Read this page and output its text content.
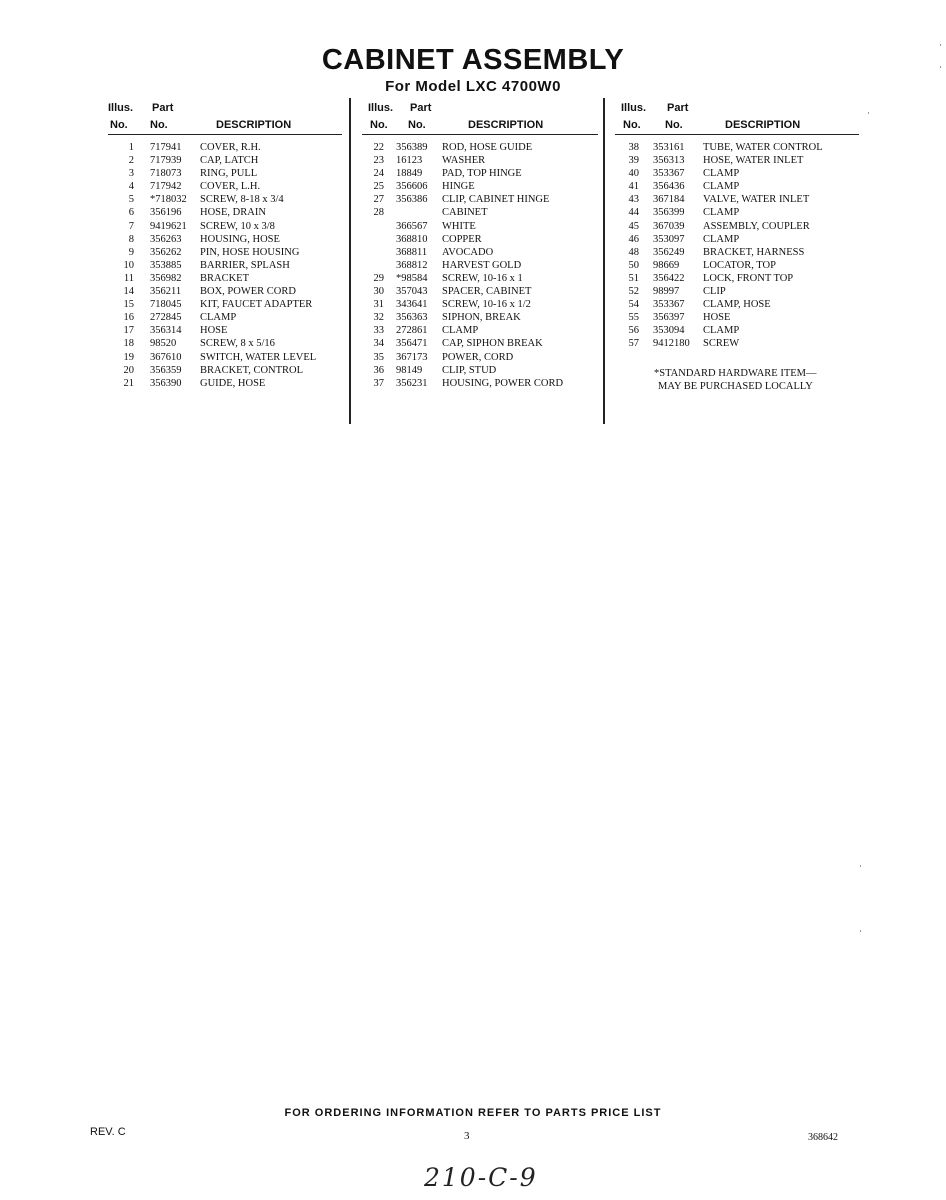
CABINET ASSEMBLY
For Model LXC 4700W0
Illus. Part
No. No.	DESCRIPTION
1 717941 COVER, R.H.
2 717939 CAP, LATCH
3 718073 RING, PULL
4 717942 COVER, L.H.
5 *718032 SCREW, 8-18 x 3/4
6 356196 HOSE, DRAIN
7 9419621 SCREW, 10 x 3/8
8 356263 HOUSING, HOSE
9 356262 PIN, HOSE HOUSING
10 353885 BARRIER, SPLASH
11 356982 BRACKET
14 356211 BOX, POWER CORD
15 718045 KIT, FAUCET ADAPTER
16 272845 CLAMP
17 356314 HOSE
18 98520 SCREW, 8 x 5/16
19 367610 SWITCH, WATER LEVEL
20 356359 BRACKET, CONTROL
21 356390 GUIDE, HOSE
Illus. Part
No. No.	DESCRIPTION
22 356389 ROD, HOSE GUIDE
23 16123 WASHER
24 18849 PAD, TOP HINGE
25 356606 HINGE
27 356386 CLIP, CABINET HINGE
28	CABINET
366567 WHITE
368810 COPPER
368811 AVOCADO
368812 HARVEST GOLD
29 *98584 SCREW, 10-16 x 1
30 357043 SPACER, CABINET
31 343641 SCREW, 10-16 x 1/2
32 356363 SIPHON, BREAK
33 272861 CLAMP
34 356471 CAP, SIPHON BREAK
35 367173 POWER, CORD
36 98149 CLIP, STUD
37 356231 HOUSING, POWER CORD
Illus. Part
No. No.	DESCRIPTION
38 353161 TUBE, WATER CONTROL
39 356313 HOSE, WATER INLET
40 353367 CLAMP
41 356436 CLAMP
43 367184 VALVE, WATER INLET
44 356399 CLAMP
45 367039 ASSEMBLY, COUPLER
46 353097 CLAMP
48 356249 BRACKET, HARNESS
50 98669 LOCATOR, TOP
51 356422 LOCK, FRONT TOP
52 98997 CLIP
54 353367 CLAMP, HOSE
55 356397 HOSE
56 353094 CLAMP
57 9412180 SCREW
*STANDARD HARDWARE ITEM—
MAY BE PURCHASED LOCALLY
FOR ORDERING INFORMATION REFER TO PARTS PRICE LIST
REV. C	3	368642
210-C-9
